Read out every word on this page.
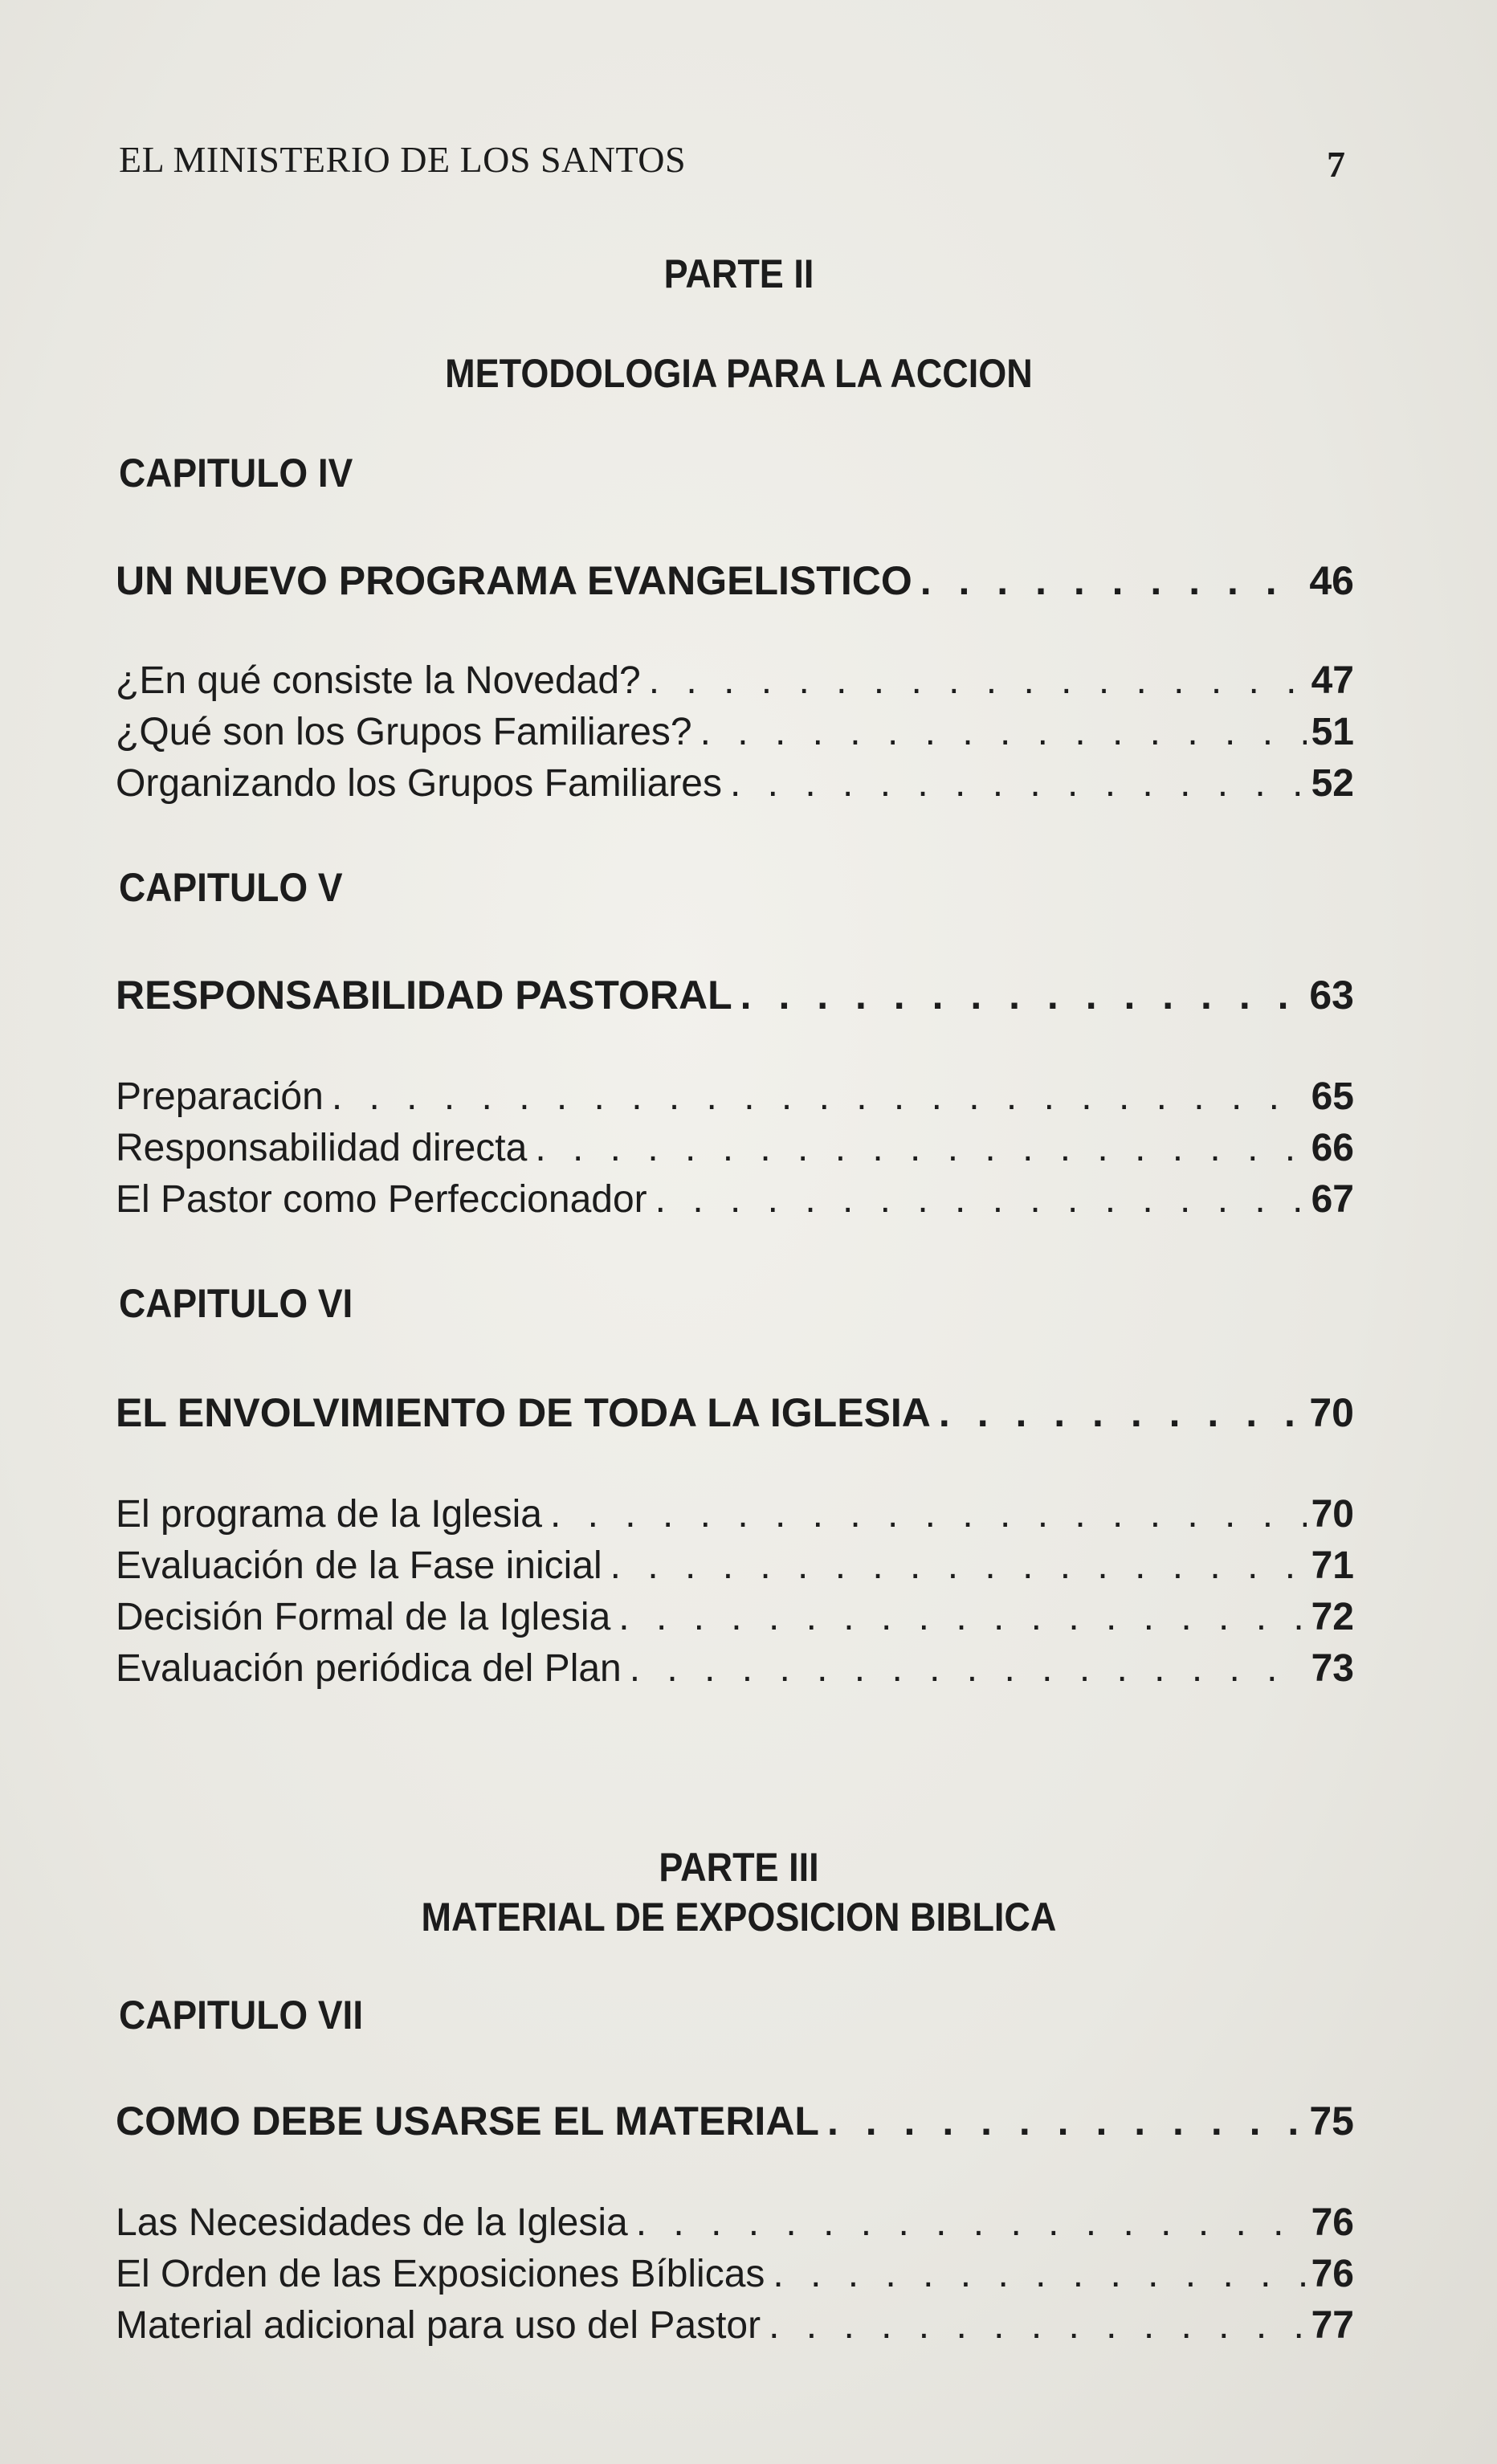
EL MINISTERIO DE LOS SANTOS	7
PARTE II
METODOLOGIA PARA LA ACCION
CAPITULO IV
UN NUEVO PROGRAMA EVANGELISTICO . . .	46
¿En qué consiste la Novedad? . . .	47
¿Qué son los Grupos Familiares? . . .	51
Organizando los Grupos Familiares . . .	52
CAPITULO V
RESPONSABILIDAD PASTORAL . . .	63
Preparación . . .	65
Responsabilidad directa . . .	66
El Pastor como Perfeccionador . . .	67
CAPITULO VI
EL ENVOLVIMIENTO DE TODA LA IGLESIA . . .	70
El programa de la Iglesia . . .	70
Evaluación de la Fase inicial . . .	71
Decisión Formal de la Iglesia . . .	72
Evaluación periódica del Plan . . .	73
PARTE III
MATERIAL DE EXPOSICION BIBLICA
CAPITULO VII
COMO DEBE USARSE EL MATERIAL . . .	75
Las Necesidades de la Iglesia . . .	76
El Orden de las Exposiciones Bíblicas . . .	76
Material adicional para uso del Pastor . . .	77
